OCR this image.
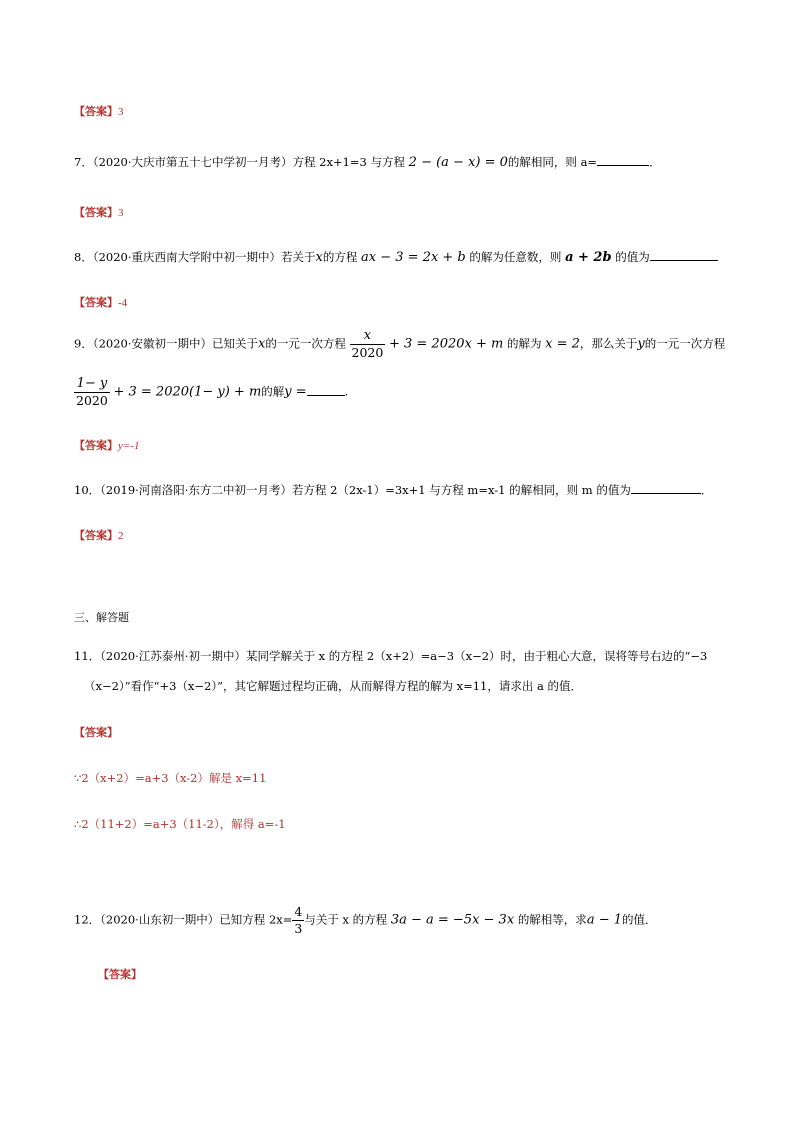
【答案】3
7．（2020·大庆市第五十七中学初一月考）方程 2x+1=3 与方程 2 − (a − x) = 0的解相同，则 a=	．
【答案】3
8．（2020·重庆西南大学附中初一期中）若关于x的方程 ax − 3 = 2x + b 的解为任意数，则 a + 2b 的值为
【答案】-4
9．（2020·安徽初一期中）已知关于x的一元一次方程 $\frac{x}{2020} + 3 = 2020x + m$ 的解为 x = 2，那么关于y的一元一次方程
$\frac{1- y}{2020} + 3 = 2020(1- y) + m$的解y =	.
【答案】y=-1
10．（2019·河南洛阳·东方二中初一月考）若方程 2（2x-1）=3x+1 与方程 m=x-1 的解相同，则 m 的值为	．
【答案】2
三、解答题
11．（2020·江苏泰州·初一期中）某同学解关于 x 的方程 2（x+2）=a−3（x−2）时，由于粗心大意，误将等号右边的“−3
（x−2）”看作“+3（x−2）”，其它解题过程均正确，从而解得方程的解为 x=11，请求出 a 的值．
【答案】
∵2（x+2）=a+3（x-2）解是 x=11
∴2（11+2）=a+3（11-2），解得 a=-1
12．（2020·山东初一期中）已知方程 $2x= \frac{4}{3}$ 与关于 x 的方程 3a − a = −5x − 3x 的解相等，求a − 1的值．
【答案】
